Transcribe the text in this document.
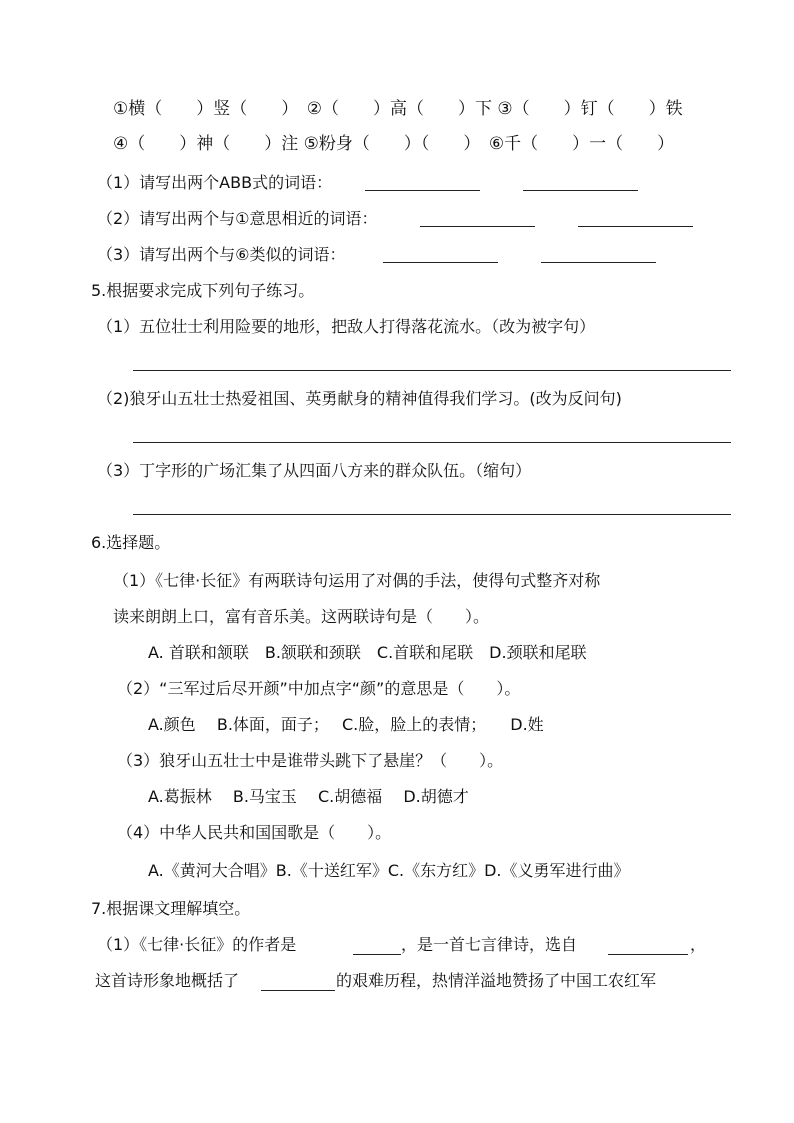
①横（　　）竖（　　）　②（　　）高（　　）下 ③（　　）钉（　　）铁
④（　　）神（　　）注 ⑤粉身（　　）（　　）　⑥千（　　）一（　　）
（1）请写出两个ABB式的词语：
（2）请写出两个与①意思相近的词语：
（3）请写出两个与⑥类似的词语：
5.根据要求完成下列句子练习。
（1）五位壮士利用险要的地形，把敌人打得落花流水。（改为被字句）
（2)狼牙山五壮士热爱祖国、英勇献身的精神值得我们学习。(改为反问句)
（3）丁字形的广场汇集了从四面八方来的群众队伍。（缩句）
6.选择题。
（1）《七律·长征》有两联诗句运用了对偶的手法，使得句式整齐对称
读来朗朗上口，富有音乐美。这两联诗句是（　　）。
A. 首联和颔联　B.颔联和颈联　C.首联和尾联　D.颈联和尾联
（2）“三军过后尽开颜”中加点字“颜”的意思是（　　）。
A.颜色　 B.体面，面子；　 C.脸，脸上的表情；　　D.姓
（3）狼牙山五壮士中是谁带头跳下了悬崖？（　　）。
A.葛振林　 B.马宝玉　 C.胡德福　 D.胡德才
（4）中华人民共和国国歌是（　　）。
A.《黄河大合唱》B.《十送红军》C.《东方红》D.《义勇军进行曲》
7.根据课文理解填空。
（1）《七律·长征》的作者是	，是一首七言律诗，选自	，
这首诗形象地概括了	的艰难历程，热情洋溢地赞扬了中国工农红军
